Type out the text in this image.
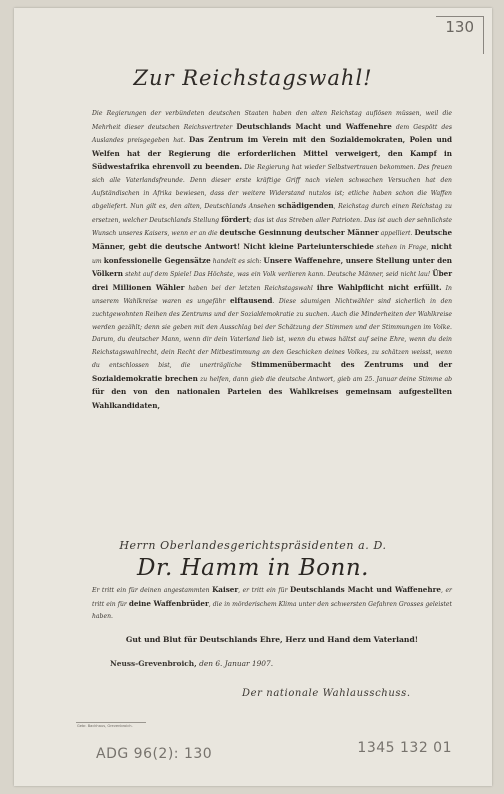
130
Zur Reichstagswahl!
Die Regierungen der verbündeten deutschen Staaten haben den alten Reichstag auflösen müssen, weil die Mehrheit dieser deutschen Reichsvertreter Deutschlands Macht und Waffenehre dem Gespött des Auslandes preisgegeben hat. Das Zentrum im Verein mit den Sozialdemokraten, Polen und Welfen hat der Regierung die erforderlichen Mittel verweigert, den Kampf in Südwestafrika ehrenvoll zu beenden. Die Regierung hat wieder Selbstvertrauen bekommen. Des freuen sich alle Vaterlandsfreunde. Denn dieser erste kräftige Griff nach vielen schwachen Versuchen hat den Aufständischen in Afrika bewiesen, dass der weitere Widerstand nutzlos ist; etliche haben schon die Waffen abgeliefert. Nun gilt es, den alten, Deutschlands Ansehen schädigenden, Reichstag durch einen Reichstag zu ersetzen, welcher Deutschlands Stellung fördert; das ist das Streben aller Patrioten. Das ist auch der sehnlichste Wunsch unseres Kaisers, wenn er an die deutsche Gesinnung deutscher Männer appelliert. Deutsche Männer, gebt die deutsche Antwort! Nicht kleine Parteiunterschiede stehen in Frage, nicht um konfessionelle Gegensätze handelt es sich: Unsere Waffenehre, unsere Stellung unter den Völkern steht auf dem Spiele! Das Höchste, was ein Volk verlieren kann. Deutsche Männer, seid nicht lau! Über drei Millionen Wähler haben bei der letzten Reichstagswahl ihre Wahlpflicht nicht erfüllt. In unserem Wahlkreise waren es ungefähr elftausend. Diese säumigen Nichtwähler sind sicherlich in den zuchtgewohnten Reihen des Zentrums und der Sozialdemokratie zu suchen. Auch die Minderheiten der Wahlkreise werden gezählt; denn sie geben mit den Ausschlag bei der Schätzung der Stimmen und der Stimmungen im Volke. Darum, du deutscher Mann, wenn dir dein Vaterland lieb ist, wenn du etwas hältst auf seine Ehre, wenn du dein Reichstagswahlrecht, dein Recht der Mitbestimmung an den Geschicken deines Volkes, zu schätzen weisst, wenn du entschlossen bist, die unerträgliche Stimmenübermacht des Zentrums und der Sozialdemokratie brechen zu helfen, dann gieb die deutsche Antwort, gieb am 25. Januar deine Stimme ab für den von den nationalen Parteien des Wahlkreises gemeinsam aufgestellten Wahlkandidaten,
Herrn Oberlandesgerichtspräsidenten a. D.
Dr. Hamm in Bonn.
Er tritt ein für deinen angestammten Kaiser, er tritt ein für Deutschlands Macht und Waffenehre, er tritt ein für deine Waffenbrüder, die in mörderischem Klima unter den schwersten Gefahren Grosses geleistet haben.
Gut und Blut für Deutschlands Ehre, Herz und Hand dem Vaterland!
Neuss-Grevenbroich, den 6. Januar 1907.
Der nationale Wahlausschuss.
Gebr. Backhaus, Grevenbroich.
ADG 96(2): 130	1345 132 01
